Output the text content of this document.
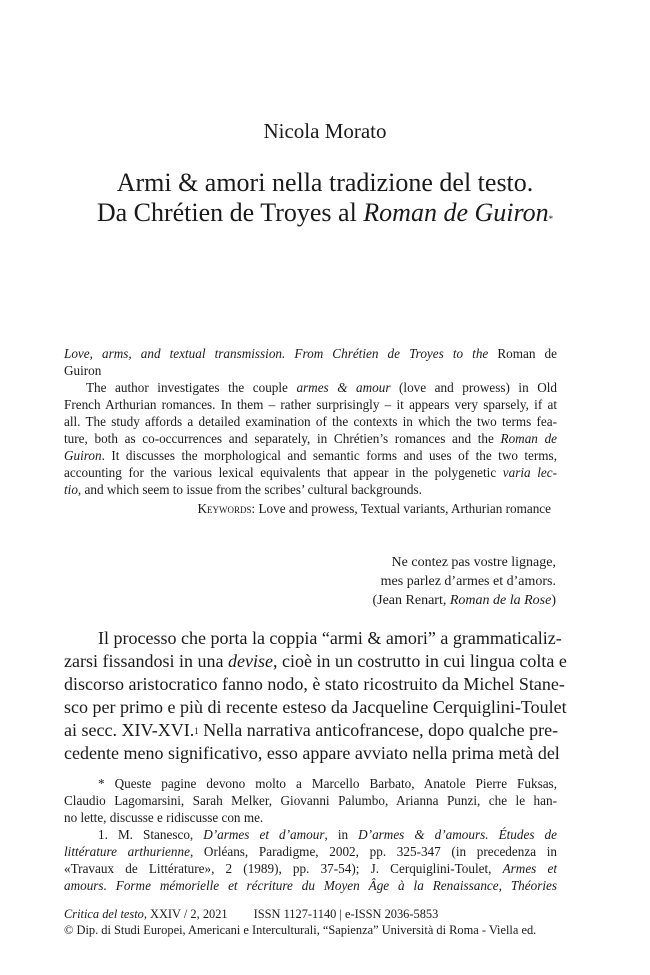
Nicola Morato
Armi & amori nella tradizione del testo.
Da Chrétien de Troyes al Roman de Guiron*
Love, arms, and textual transmission. From Chrétien de Troyes to the Roman de
Guiron
The author investigates the couple armes & amour (love and prowess) in Old
French Arthurian romances. In them – rather surprisingly – it appears very sparsely, if at
all. The study affords a detailed examination of the contexts in which the two terms fea-
ture, both as co-occurrences and separately, in Chrétien’s romances and the Roman de
Guiron. It discusses the morphological and semantic forms and uses of the two terms,
accounting for the various lexical equivalents that appear in the polygenetic varia lec-
tio, and which seem to issue from the scribes’ cultural backgrounds.
Keywords: Love and prowess, Textual variants, Arthurian romance
Ne contez pas vostre lignage,
mes parlez d’armes et d’amors.
(Jean Renart, Roman de la Rose)
Il processo che porta la coppia “armi & amori” a grammaticaliz-
zarsi fissandosi in una devise, cioè in un costrutto in cui lingua colta e
discorso aristocratico fanno nodo, è stato ricostruito da Michel Stane-
sco per primo e più di recente esteso da Jacqueline Cerquiglini-Toulet
ai secc. XIV-XVI.$^1$ Nella narrativa anticofrancese, dopo qualche pre-
cedente meno significativo, esso appare avviato nella prima metà del
* Queste pagine devono molto a Marcello Barbato, Anatole Pierre Fuksas,
Claudio Lagomarsini, Sarah Melker, Giovanni Palumbo, Arianna Punzi, che le han-
no lette, discusse e ridiscusse con me.
1. M. Stanesco, D’armes et d’amour, in D’armes & d’amours. Études de
littérature arthurienne, Orléans, Paradigme, 2002, pp. 325-347 (in precedenza in
«Travaux de Littérature», 2 (1989), pp. 37-54); J. Cerquiglini-Toulet, Armes et
amours. Forme mémorielle et récriture du Moyen Âge à la Renaissance, Théories
Critica del testo, XXIV / 2, 2021 ISSN 1127-1140 | e-ISSN 2036-5853
© Dip. di Studi Europei, Americani e Interculturali, “Sapienza” Università di Roma - Viella ed.
